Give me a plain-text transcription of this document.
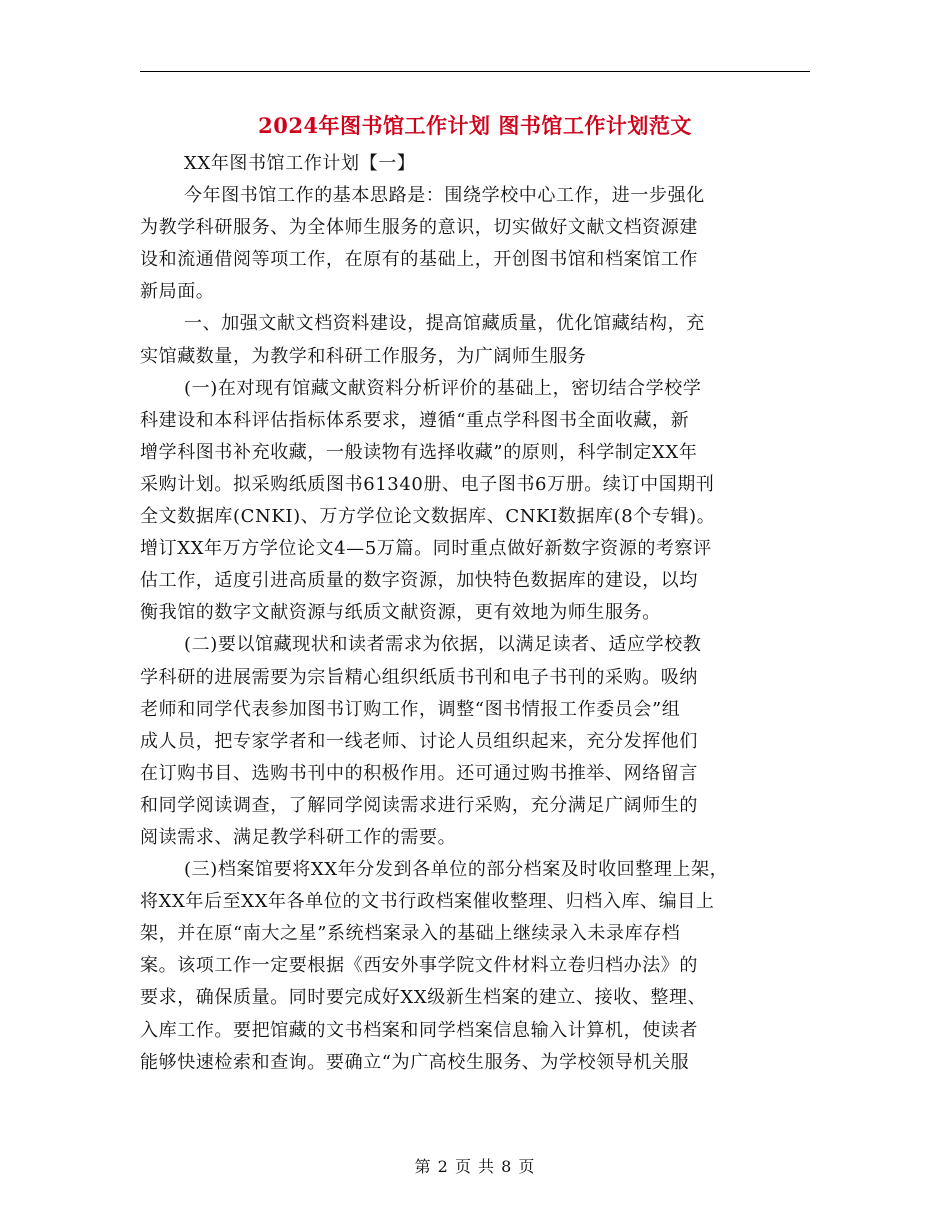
2024年图书馆工作计划 图书馆工作计划范文
XX年图书馆工作计划【一】
今年图书馆工作的基本思路是：围绕学校中心工作，进一步强化
为教学科研服务、为全体师生服务的意识，切实做好文献文档资源建
设和流通借阅等项工作，在原有的基础上，开创图书馆和档案馆工作
新局面。
一、加强文献文档资料建设，提高馆藏质量，优化馆藏结构，充
实馆藏数量，为教学和科研工作服务，为广阔师生服务
(一)在对现有馆藏文献资料分析评价的基础上，密切结合学校学
科建设和本科评估指标体系要求，遵循“重点学科图书全面收藏，新
增学科图书补充收藏，一般读物有选择收藏”的原则，科学制定XX年
采购计划。拟采购纸质图书61340册、电子图书6万册。续订中国期刊
全文数据库(CNKI)、万方学位论文数据库、CNKI数据库(8个专辑)。
增订XX年万方学位论文4—5万篇。同时重点做好新数字资源的考察评
估工作，适度引进高质量的数字资源，加快特色数据库的建设，以均
衡我馆的数字文献资源与纸质文献资源，更有效地为师生服务。
(二)要以馆藏现状和读者需求为依据，以满足读者、适应学校教
学科研的进展需要为宗旨精心组织纸质书刊和电子书刊的采购。吸纳
老师和同学代表参加图书订购工作，调整“图书情报工作委员会”组
成人员，把专家学者和一线老师、讨论人员组织起来，充分发挥他们
在订购书目、选购书刊中的积极作用。还可通过购书推举、网络留言
和同学阅读调查，了解同学阅读需求进行采购，充分满足广阔师生的
阅读需求、满足教学科研工作的需要。
(三)档案馆要将XX年分发到各单位的部分档案及时收回整理上架，
将XX年后至XX年各单位的文书行政档案催收整理、归档入库、编目上
架，并在原“南大之星”系统档案录入的基础上继续录入未录库存档
案。该项工作一定要根据《西安外事学院文件材料立卷归档办法》的
要求，确保质量。同时要完成好XX级新生档案的建立、接收、整理、
入库工作。要把馆藏的文书档案和同学档案信息输入计算机，使读者
能够快速检索和查询。要确立“为广高校生服务、为学校领导机关服
第 2 页 共 8 页
